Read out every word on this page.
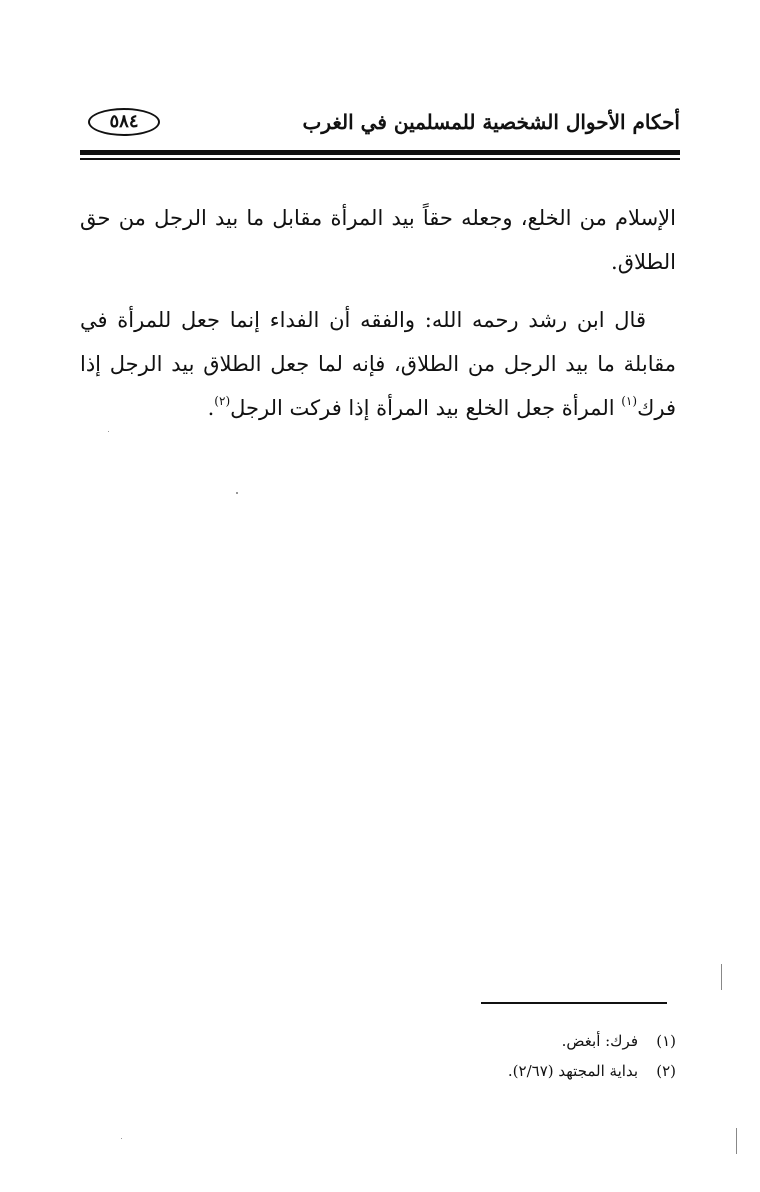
أحكام الأحوال الشخصية للمسلمين في الغرب
٥٨٤

الإسلام من الخلع، وجعله حقاً بيد المرأة مقابل ما بيد الرجل من حق الطلاق.

قال ابن رشد رحمه الله: والفقه أن الفداء إنما جعل للمرأة في مقابلة ما بيد الرجل من الطلاق، فإنه لما جعل الطلاق بيد الرجل إذا فرك$^{(١)}$ المرأة جعل الخلع بيد المرأة إذا فركت الرجل$^{(٢)}$.

(١)فرك: أبغض.
(٢)بداية المجتهد (٢/٦٧).
